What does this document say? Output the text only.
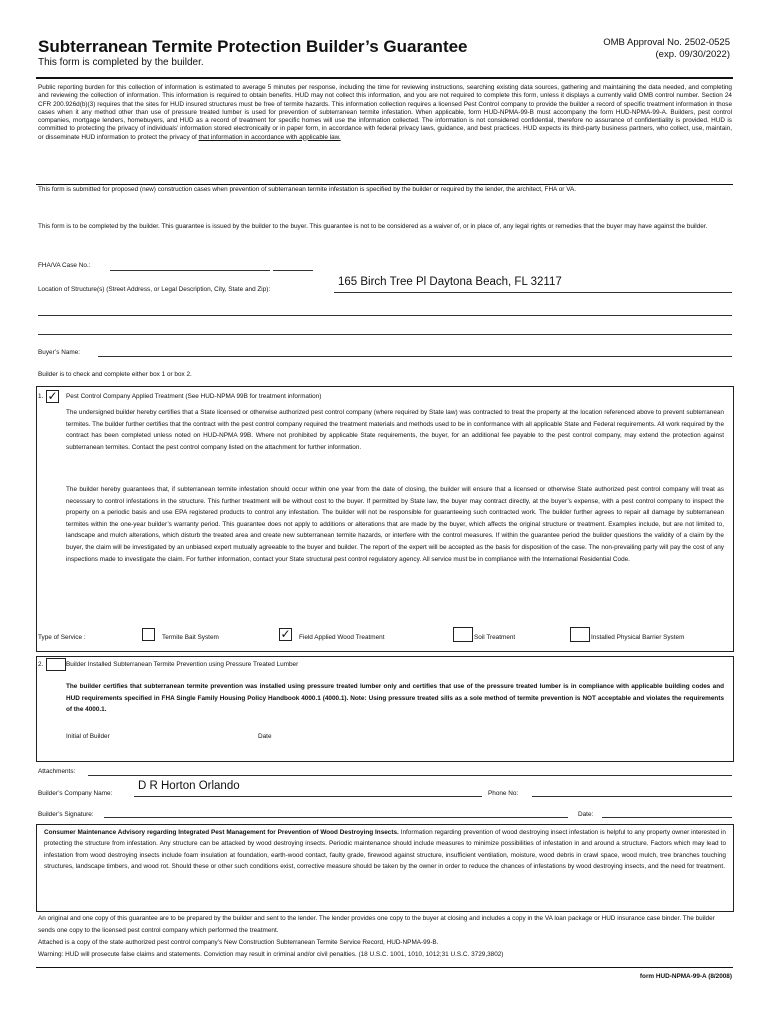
Subterranean Termite Protection Builder’s Guarantee
This form is completed by the builder.
OMB Approval No. 2502-0525
(exp. 09/30/2022)
Public reporting burden for this collection of information is estimated to average 5 minutes per response, including the time for reviewing instructions, searching existing data sources, gathering and maintaining the data needed, and completing and reviewing the collection of information. This information is required to obtain benefits. HUD may not collect this information, and you are not required to complete this form, unless it displays a currently valid OMB control number. Section 24 CFR 200.926d(b)(3) requires that the sites for HUD insured structures must be free of termite hazards. This information collection requires a licensed Pest Control company to provide the builder a record of specific treatment information in those cases when it any method other than use of pressure treated lumber is used for prevention of subterranean termite infestation. When applicable, form HUD-NPMA-99-B must accompany the form HUD-NPMA-99-A. Builders, pest control companies, mortgage lenders, homebuyers, and HUD as a record of treatment for specific homes will use the information collected. The information is not considered confidential, therefore no assurance of confidentiality is provided. HUD is committed to protecting the privacy of individuals’ information stored electronically or in paper form, in accordance with federal privacy laws, guidance, and best practices. HUD expects its third-party business partners, who collect, use, maintain, or disseminate HUD information to protect the privacy of that information in accordance with applicable law.
This form is submitted for proposed (new) construction cases when prevention of subterranean termite infestation is specified by the builder or required by the lender, the architect, FHA or VA.
This form is to be completed by the builder. This guarantee is issued by the builder to the buyer. This guarantee is not to be considered as a waiver of, or in place of, any legal rights or remedies that the buyer may have against the builder.
FHA/VA Case No.:
Location of Structure(s) (Street Address, or Legal Description, City, State and Zip):
165 Birch Tree Pl Daytona Beach, FL 32117
Buyer’s Name:
Builder is to check and complete either box 1 or box 2.
1. ✓ Pest Control Company Applied Treatment (See HUD-NPMA 99B for treatment information)
The undersigned builder hereby certifies that a State licensed or otherwise authorized pest control company (where required by State law) was contracted to treat the property at the location referenced above to prevent subterranean termites. The builder further certifies that the contract with the pest control company required the treatment materials and methods used to be in conformance with all applicable State and Federal requirements. All work required by the contract has been completed unless noted on HUD-NPMA 99B. Where not prohibited by applicable State requirements, the buyer, for an additional fee payable to the pest control company, may extend the protection against subterranean termites. Contact the pest control company listed on the attachment for further information.
The builder hereby guarantees that, if subterranean termite infestation should occur within one year from the date of closing, the builder will ensure that a licensed or otherwise State authorized pest control company will treat as necessary to control infestations in the structure. This further treatment will be without cost to the buyer. If permitted by State law, the buyer may contract directly, at the buyer’s expense, with a pest control company to inspect the property on a periodic basis and use EPA registered products to control any infestation. The builder will not be responsible for guaranteeing such contracted work. The builder further agrees to repair all damage by subterranean termites within the one-year builder’s warranty period. This guarantee does not apply to additions or alterations that are made by the buyer, which affects the original structure or treatment. Examples include, but are not limited to, landscape and mulch alterations, which disturb the treated area and create new subterranean termite hazards, or interfere with the control measures. If within the guarantee period the builder questions the validity of a claim by the buyer, the claim will be investigated by an unbiased expert mutually agreeable to the buyer and builder. The report of the expert will be accepted as the basis for disposition of the case. The non-prevailing party will pay the cost of any inspections made to investigate the claim. For further information, contact your State structural pest control regulatory agency. All service must be in compliance with the International Residential Code.
Type of Service :	Termite Bait System	✓ Field Applied Wood Treatment	Soil Treatment	Installed Physical Barrier System
2.	Builder Installed Subterranean Termite Prevention using Pressure Treated Lumber
The builder certifies that subterranean termite prevention was installed using pressure treated lumber only and certifies that use of the pressure treated lumber is in compliance with applicable building codes and HUD requirements specified in FHA Single Family Housing Policy Handbook 4000.1 (4000.1). Note: Using pressure treated sills as a sole method of termite prevention is NOT acceptable and violates the requirements of the 4000.1.
Initial of Builder	Date
Attachments:
Builder’s Company Name:
D R Horton Orlando
Phone No:
Builder’s Signature:	Date:
Consumer Maintenance Advisory regarding Integrated Pest Management for Prevention of Wood Destroying Insects. Information regarding prevention of wood destroying insect infestation is helpful to any property owner interested in protecting the structure from infestation. Any structure can be attacked by wood destroying insects. Periodic maintenance should include measures to minimize possibilities of infestation in and around a structure. Factors which may lead to infestation from wood destroying insects include foam insulation at foundation, earth-wood contact, faulty grade, firewood against structure, insufficient ventilation, moisture, wood debris in crawl space, wood mulch, tree branches touching structures, landscape timbers, and wood rot. Should these or other such conditions exist, corrective measure should be taken by the owner in order to reduce the chances of infestations by wood destroying insects, and the need for treatment.
An original and one copy of this guarantee are to be prepared by the builder and sent to the lender. The lender provides one copy to the buyer at closing and includes a copy in the VA loan package or HUD insurance case binder. The builder sends one copy to the licensed pest control company which performed the treatment.
Attached is a copy of the state authorized pest control company’s New Construction Subterranean Termite Service Record, HUD-NPMA-99-B.
Warning: HUD will prosecute false claims and statements. Conviction may result in criminal and/or civil penalties. (18 U.S.C. 1001, 1010, 1012;31 U.S.C. 3729,3802)
form HUD-NPMA-99-A (8/2008)
